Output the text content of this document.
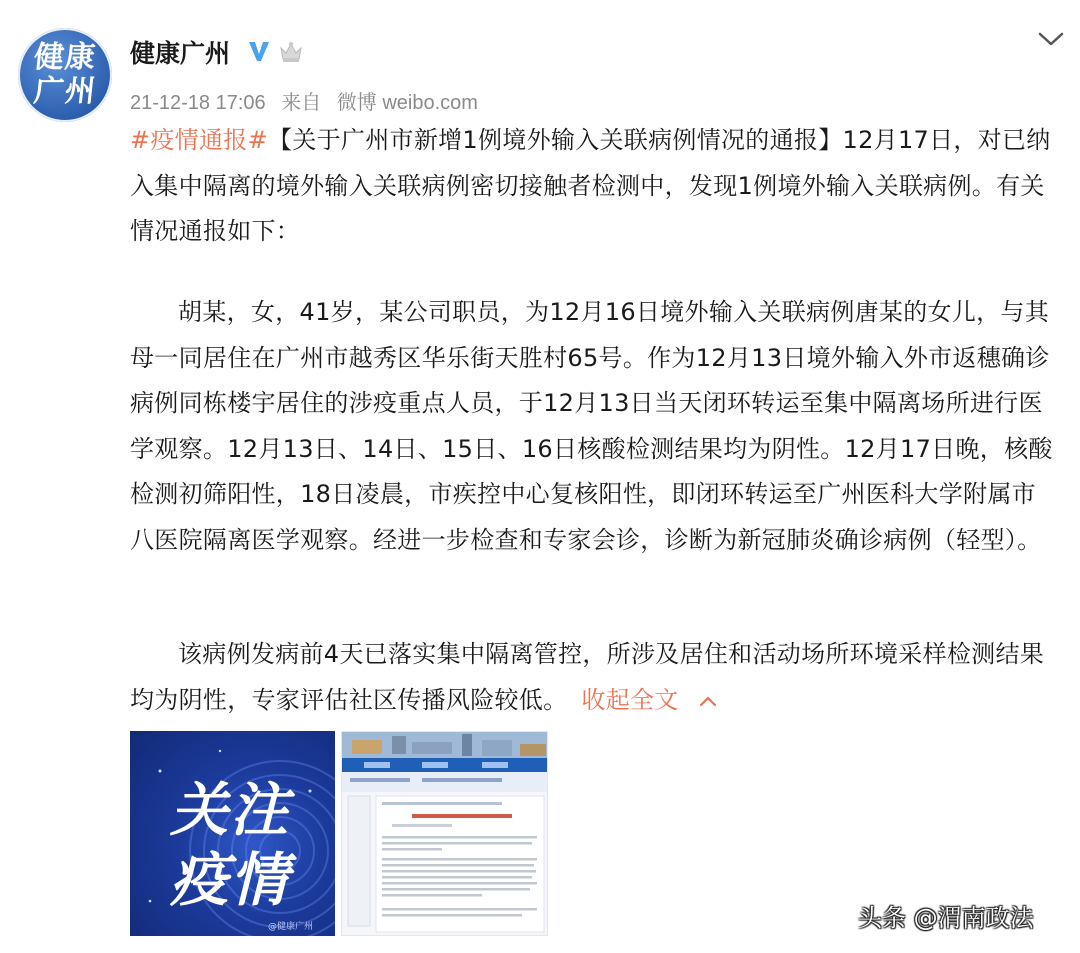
健康
广州
健康广州
21-12-18 17:06 来自 微博 weibo.com

#疫情通报#【关于广州市新增1例境外输入关联病例情况的通报】12月17日，对已纳入集中隔离的境外输入关联病例密切接触者检测中，发现1例境外输入关联病例。有关情况通报如下：

胡某，女，41岁，某公司职员，为12月16日境外输入关联病例唐某的女儿，与其母一同居住在广州市越秀区华乐街天胜村65号。作为12月13日境外输入外市返穗确诊病例同栋楼宇居住的涉疫重点人员，于12月13日当天闭环转运至集中隔离场所进行医学观察。12月13日、14日、15日、16日核酸检测结果均为阴性。12月17日晚，核酸检测初筛阳性，18日凌晨，市疾控中心复核阳性，即闭环转运至广州医科大学附属市八医院隔离医学观察。经进一步检查和专家会诊，诊断为新冠肺炎确诊病例（轻型）。

该病例发病前4天已落实集中隔离管控，所涉及居住和活动场所环境采样检测结果均为阴性，专家评估社区传播风险较低。 收起全文

关注
疫情
@健康广州	头条 @渭南政法
